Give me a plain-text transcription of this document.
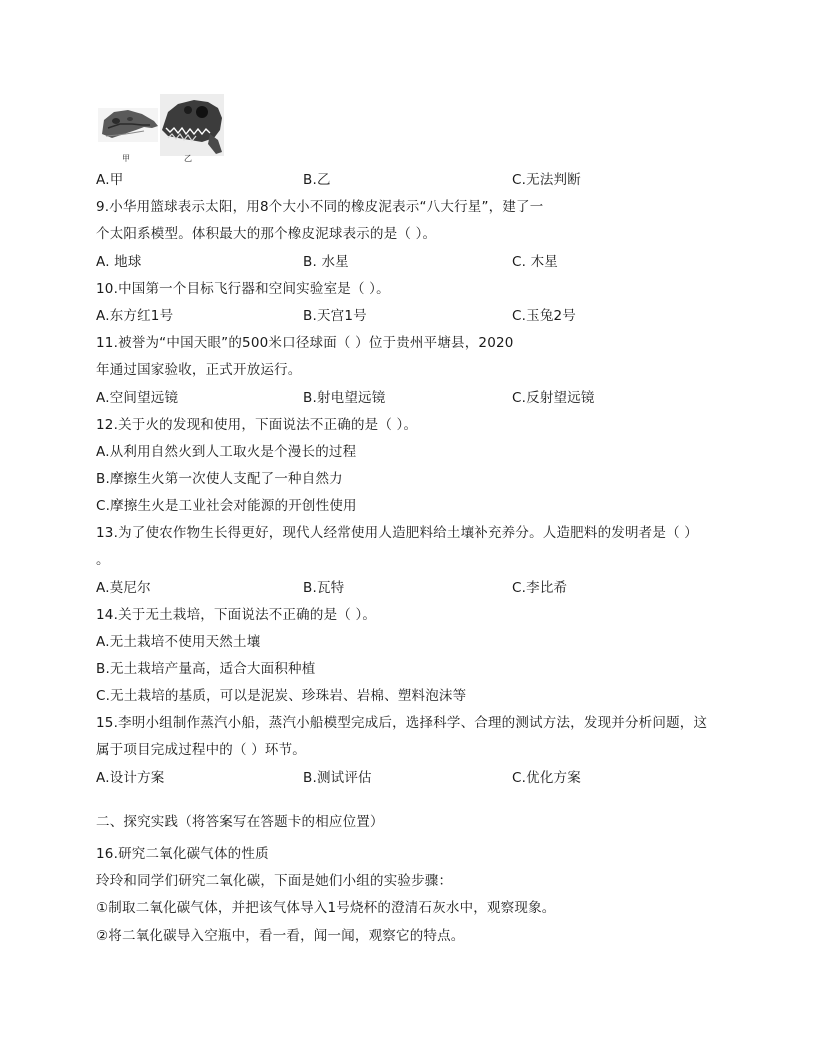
甲	乙
A.甲	B.乙	C.无法判断
9.小华用篮球表示太阳，用8个大小不同的橡皮泥表示“八大行星”，建了一
个太阳系模型。体积最大的那个橡皮泥球表示的是（ ）。
A. 地球	B. 水星	C. 木星
10.中国第一个目标飞行器和空间实验室是（ ）。
A.东方红1号	B.天宫1号	C.玉兔2号
11.被誉为“中国天眼”的500米口径球面（ ）位于贵州平塘县，2020
年通过国家验收，正式开放运行。
A.空间望远镜	B.射电望远镜	C.反射望远镜
12.关于火的发现和使用，下面说法不正确的是（ ）。
A.从利用自然火到人工取火是个漫长的过程
B.摩擦生火第一次使人支配了一种自然力
C.摩擦生火是工业社会对能源的开创性使用
13.为了使农作物生长得更好，现代人经常使用人造肥料给土壤补充养分。人造肥料的发明者是（ ）
。
A.莫尼尔	B.瓦特	C.李比希
14.关于无土栽培，下面说法不正确的是（ ）。
A.无土栽培不使用天然土壤
B.无土栽培产量高，适合大面积种植
C.无土栽培的基质，可以是泥炭、珍珠岩、岩棉、塑料泡沫等
15.李明小组制作蒸汽小船，蒸汽小船模型完成后，选择科学、合理的测试方法，发现并分析问题，这
属于项目完成过程中的（ ）环节。
A.设计方案	B.测试评估	C.优化方案
二、探究实践（将答案写在答题卡的相应位置）
16.研究二氧化碳气体的性质
玲玲和同学们研究二氧化碳，下面是她们小组的实验步骤：
①制取二氧化碳气体，并把该气体导入1号烧杯的澄清石灰水中，观察现象。
②将二氧化碳导入空瓶中，看一看，闻一闻，观察它的特点。
